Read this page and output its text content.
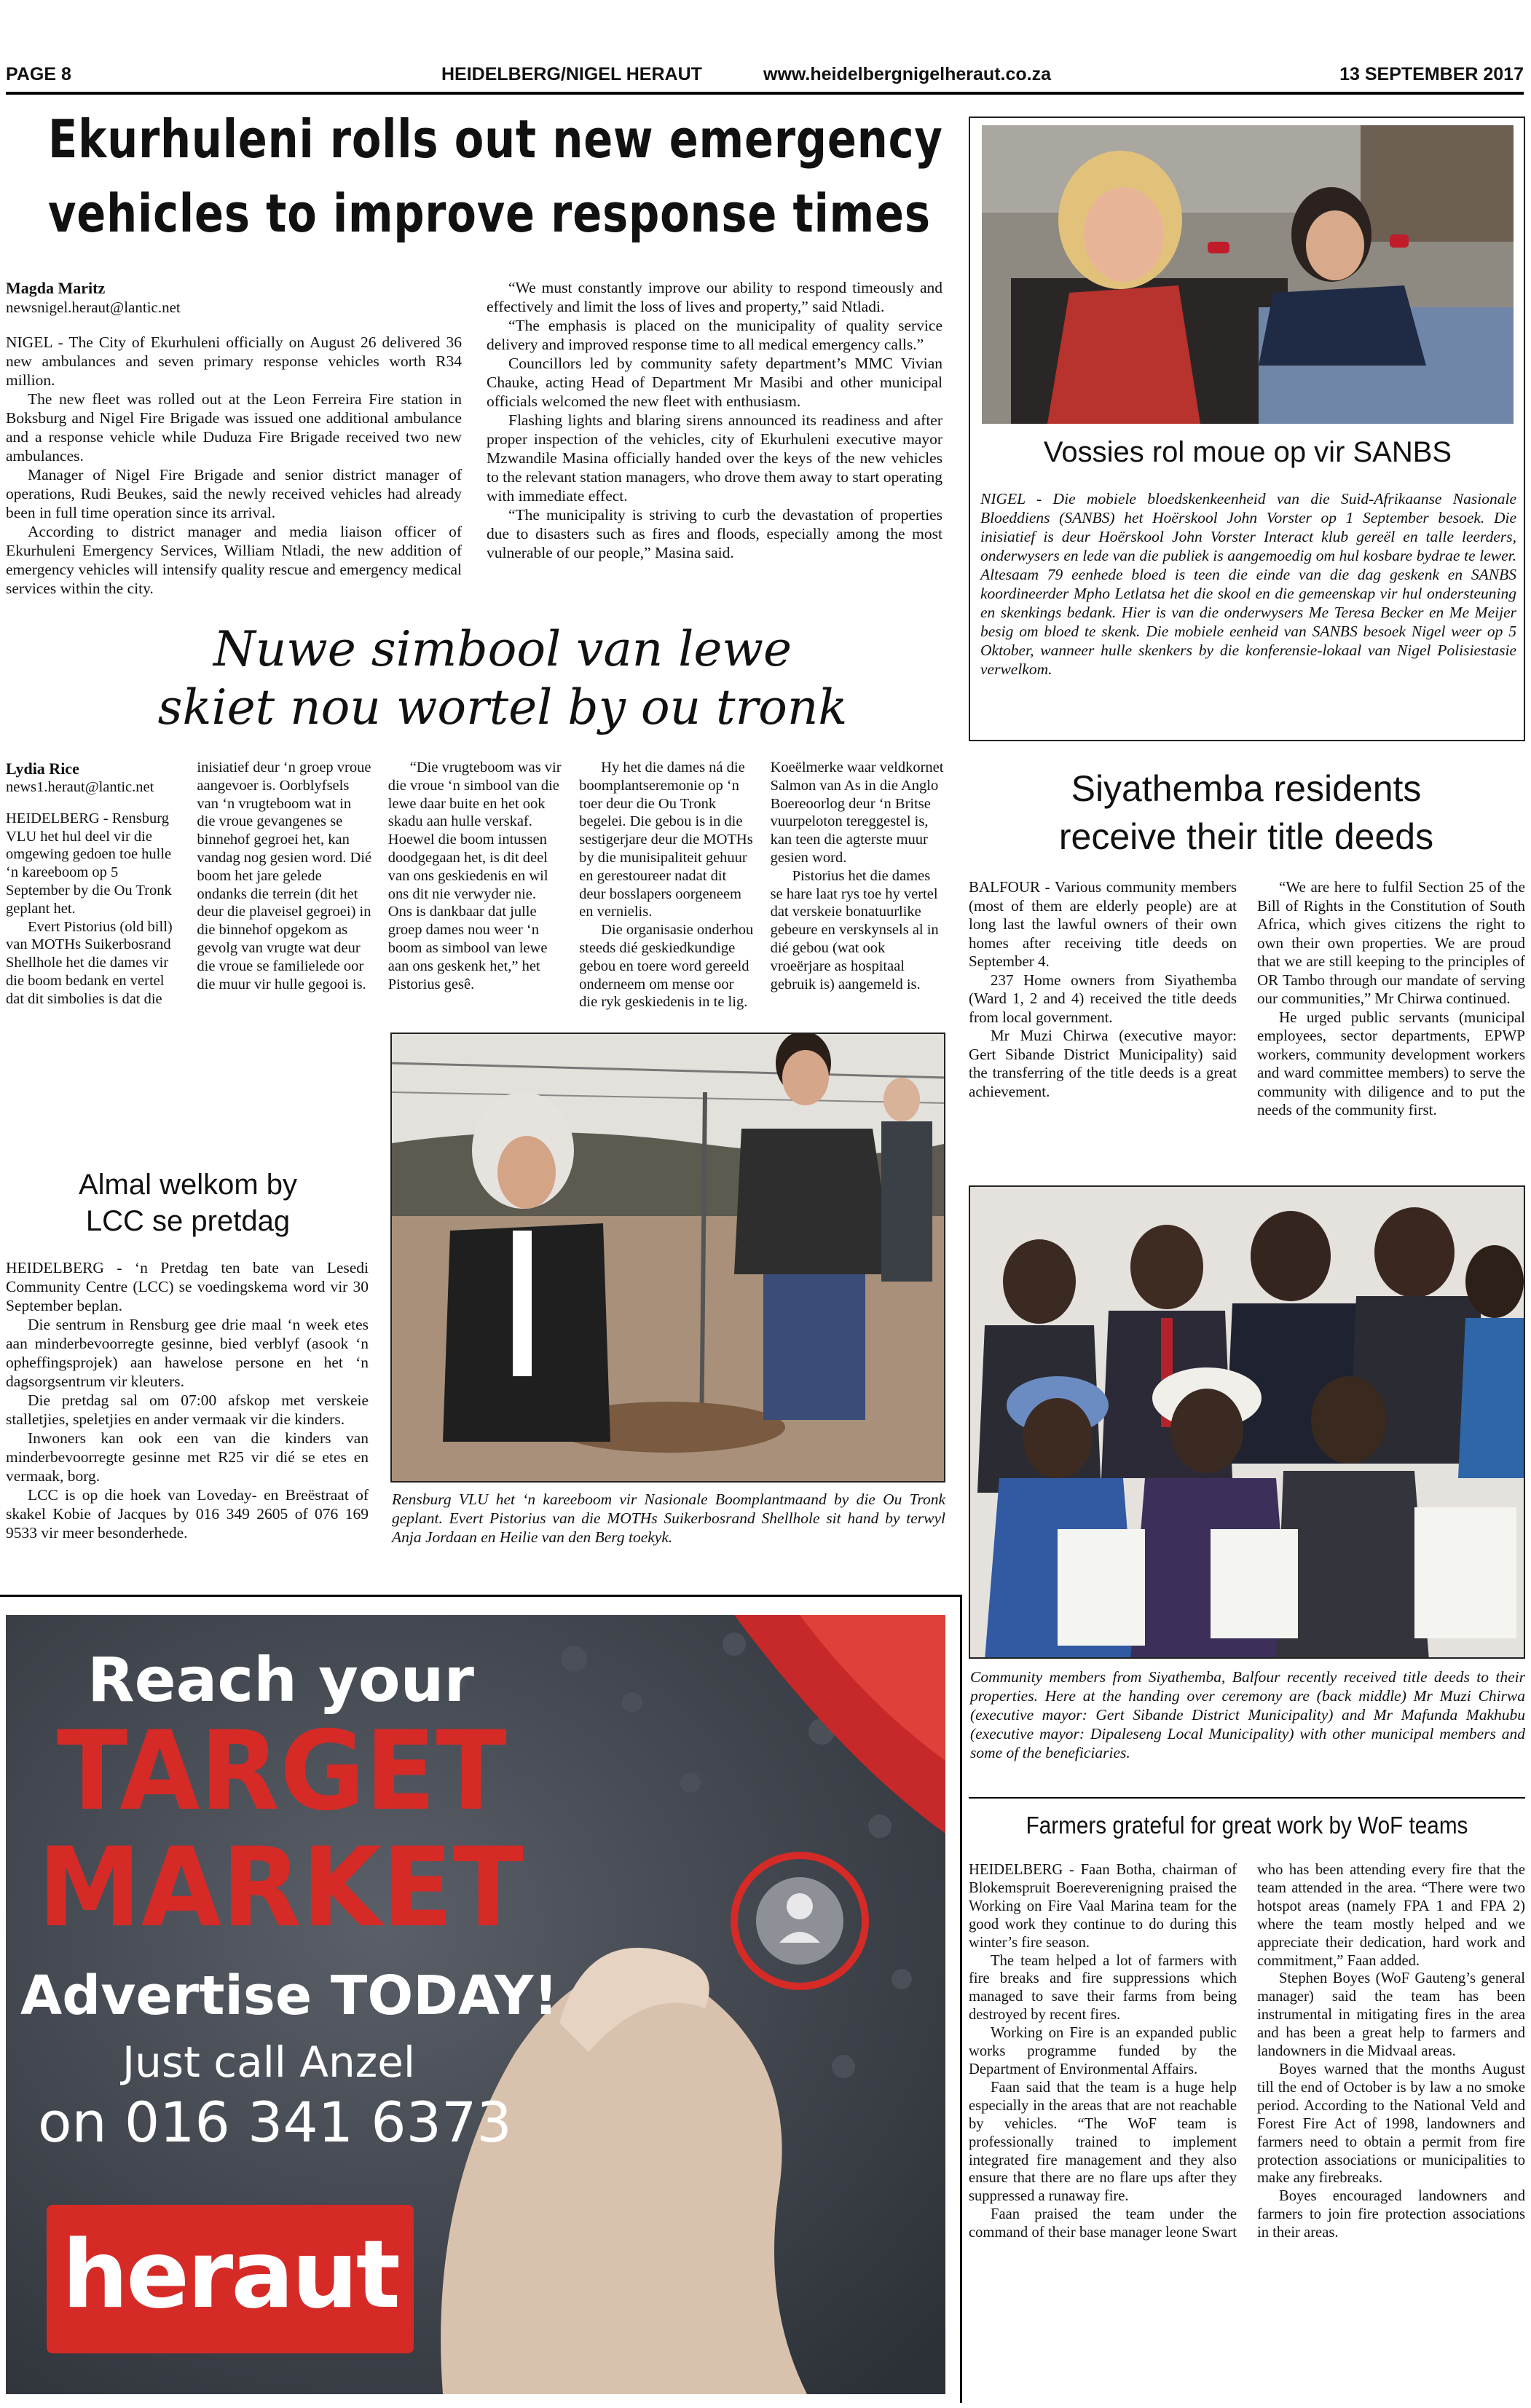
PAGE 8	HEIDELBERG/NIGEL HERAUT	www.heidelbergnigelheraut.co.za	13 SEPTEMBER 2017
Ekurhuleni rolls out new emergency
vehicles to improve response times
Magda Maritz
newsnigel.heraut@lantic.net

NIGEL - The City of Ekurhuleni officially on August 26 delivered 36 new ambulances and seven primary response vehicles worth R34 million.

The new fleet was rolled out at the Leon Ferreira Fire station in Boksburg and Nigel Fire Brigade was issued one additional ambulance and a response vehicle while Duduza Fire Brigade received two new ambulances.

Manager of Nigel Fire Brigade and senior district manager of operations, Rudi Beukes, said the newly received vehicles had already been in full time operation since its arrival.

According to district manager and media liaison officer of Ekurhuleni Emergency Services, William Ntladi, the new addition of emergency vehicles will intensify quality rescue and emergency medical services within the city.

“We must constantly improve our ability to respond timeously and effectively and limit the loss of lives and property,” said Ntladi.

“The emphasis is placed on the municipality of quality service delivery and improved response time to all medical emergency calls.”

Councillors led by community safety department’s MMC Vivian Chauke, acting Head of Department Mr Masibi and other municipal officials welcomed the new fleet with enthusiasm.

Flashing lights and blaring sirens announced its readiness and after proper inspection of the vehicles, city of Ekurhuleni executive mayor Mzwandile Masina officially handed over the keys of the new vehicles to the relevant station managers, who drove them away to start operating with immediate effect.

“The municipality is striving to curb the devastation of properties due to disasters such as fires and floods, especially among the most vulnerable of our people,” Masina said.

Vossies rol moue op vir SANBS
NIGEL - Die mobiele bloedskenkeenheid van die Suid-Afrikaanse Nasionale Bloeddiens (SANBS) het Hoërskool John Vorster op 1 September besoek. Die inisiatief is deur Hoërskool John Vorster Interact klub gereël en talle leerders, onderwysers en lede van die publiek is aangemoedig om hul kosbare bydrae te lewer. Altesaam 79 eenhede bloed is teen die einde van die dag geskenk en SANBS koordineerder Mpho Letlatsa het die skool en die gemeenskap vir hul ondersteuning en skenkings bedank. Hier is van die onderwysers Me Teresa Becker en Me Meijer besig om bloed te skenk. Die mobiele eenheid van SANBS besoek Nigel weer op 5 Oktober, wanneer hulle skenkers by die konferensie-lokaal van Nigel Polisiestasie verwelkom.
Nuwe simbool van lewe
skiet nou wortel by ou tronk
Lydia Rice
news1.heraut@lantic.net

HEIDELBERG - Rensburg VLU het hul deel vir die omgewing gedoen toe hulle ‘n kareeboom op 5 September by die Ou Tronk geplant het.

Evert Pistorius (old bill) van MOTHs Suikerbosrand Shellhole het die dames vir die boom bedank en vertel dat dit simbolies is dat die inisiatief deur ‘n groep vroue aangevoer is. Oorblyfsels van ‘n vrugteboom wat in die vroue gevangenes se binnehof gegroei het, kan vandag nog gesien word. Dié boom het jare gelede ondanks die terrein (dit het deur die plaveisel gegroei) in die binnehof opgekom as gevolg van vrugte wat deur die vroue se familielede oor die muur vir hulle gegooi is.

“Die vrugteboom was vir die vroue ‘n simbool van die lewe daar buite en het ook skadu aan hulle verskaf. Hoewel die boom intussen doodgegaan het, is dit deel van ons geskiedenis en wil ons dit nie verwyder nie. Ons is dankbaar dat julle groep dames nou weer ‘n boom as simbool van lewe aan ons geskenk het,” het Pistorius gesê.

Hy het die dames ná die boomplantseremonie op ‘n toer deur die Ou Tronk begelei. Die gebou is in die sestigerjare deur die MOTHs by die munisipaliteit gehuur en gerestoureer nadat dit deur bosslapers oorgeneem en vernielis.

Die organisasie onderhou steeds dié geskiedkundige gebou en toere word gereeld onderneem om mense oor die ryk geskiedenis in te lig. Koeëlmerke waar veldkornet Salmon van As in die Anglo Boereoorlog deur ‘n Britse vuurpeloton tereggestel is, kan teen die agterste muur gesien word.

Pistorius het die dames se hare laat rys toe hy vertel dat verskeie bonatuurlike gebeure en verskynsels al in dié gebou (wat ook vroeërjare as hospitaal gebruik is) aangemeld is.

Rensburg VLU het ‘n kareeboom vir Nasionale Boomplantmaand by die Ou Tronk geplant. Evert Pistorius van die MOTHs Suikerbosrand Shellhole sit hand by terwyl Anja Jordaan en Heilie van den Berg toekyk.
Almal welkom by
LCC se pretdag

HEIDELBERG - ‘n Pretdag ten bate van Lesedi Community Centre (LCC) se voedingskema word vir 30 September beplan.

Die sentrum in Rensburg gee drie maal ‘n week etes aan minderbevoorregte gesinne, bied verblyf (asook ‘n opheffingsprojek) aan hawelose persone en het ‘n dagsorgsentrum vir kleuters.

Die pretdag sal om 07:00 afskop met verskeie stalletjies, speletjies en ander vermaak vir die kinders.

Inwoners kan ook een van die kinders van minderbevoorregte gesinne met R25 vir dié se etes en vermaak, borg.

LCC is op die hoek van Loveday- en Breëstraat of skakel Kobie of Jacques by 016 349 2605 of 076 169 9533 vir meer besonderhede.

Siyathemba residents
receive their title deeds

BALFOUR - Various community members (most of them are elderly people) are at long last the lawful owners of their own homes after receiving title deeds on September 4.

237 Home owners from Siyathemba (Ward 1, 2 and 4) received the title deeds from local government.

Mr Muzi Chirwa (executive mayor: Gert Sibande District Municipality) said the transferring of the title deeds is a great achievement.

“We are here to fulfil Section 25 of the Bill of Rights in the Constitution of South Africa, which gives citizens the right to own their own properties. We are proud that we are still keeping to the principles of OR Tambo through our mandate of serving our communities,” Mr Chirwa continued.

He urged public servants (municipal employees, sector departments, EPWP workers, community development workers and ward committee members) to serve the community with diligence and to put the needs of the community first.

Community members from Siyathemba, Balfour recently received title deeds to their properties. Here at the handing over ceremony are (back middle) Mr Muzi Chirwa (executive mayor: Gert Sibande District Municipality) and Mr Mafunda Makhubu (executive mayor: Dipaleseng Local Municipality) with other municipal members and some of the beneficiaries.
Farmers grateful for great work by WoF teams

HEIDELBERG - Faan Botha, chairman of Blokemspruit Boereverenigning praised the Working on Fire Vaal Marina team for the good work they continue to do during this winter’s fire season.

The team helped a lot of farmers with fire breaks and fire suppressions which managed to save their farms from being destroyed by recent fires.

Working on Fire is an expanded public works programme funded by the Department of Environmental Affairs.

Faan said that the team is a huge help especially in the areas that are not reachable by vehicles. “The WoF team is professionally trained to implement integrated fire management and they also ensure that there are no flare ups after they suppressed a runaway fire.

Faan praised the team under the command of their base manager leone Swart who has been attending every fire that the team attended in the area. “There were two hotspot areas (namely FPA 1 and FPA 2) where the team mostly helped and we appreciate their dedication, hard work and commitment,” Faan added.

Stephen Boyes (WoF Gauteng’s general manager) said the team has been instrumental in mitigating fires in the area and has been a great help to farmers and landowners in die Midvaal areas.

Boyes warned that the months August till the end of October is by law a no smoke period. According to the National Veld and Forest Fire Act of 1998, landowners and farmers need to obtain a permit from fire protection associations or municipalities to make any firebreaks.

Boyes encouraged landowners and farmers to join fire protection associations in their areas.

Reach your
TARGET
MARKET
Advertise TODAY!
Just call Anzel
on 016 341 6373
heraut
